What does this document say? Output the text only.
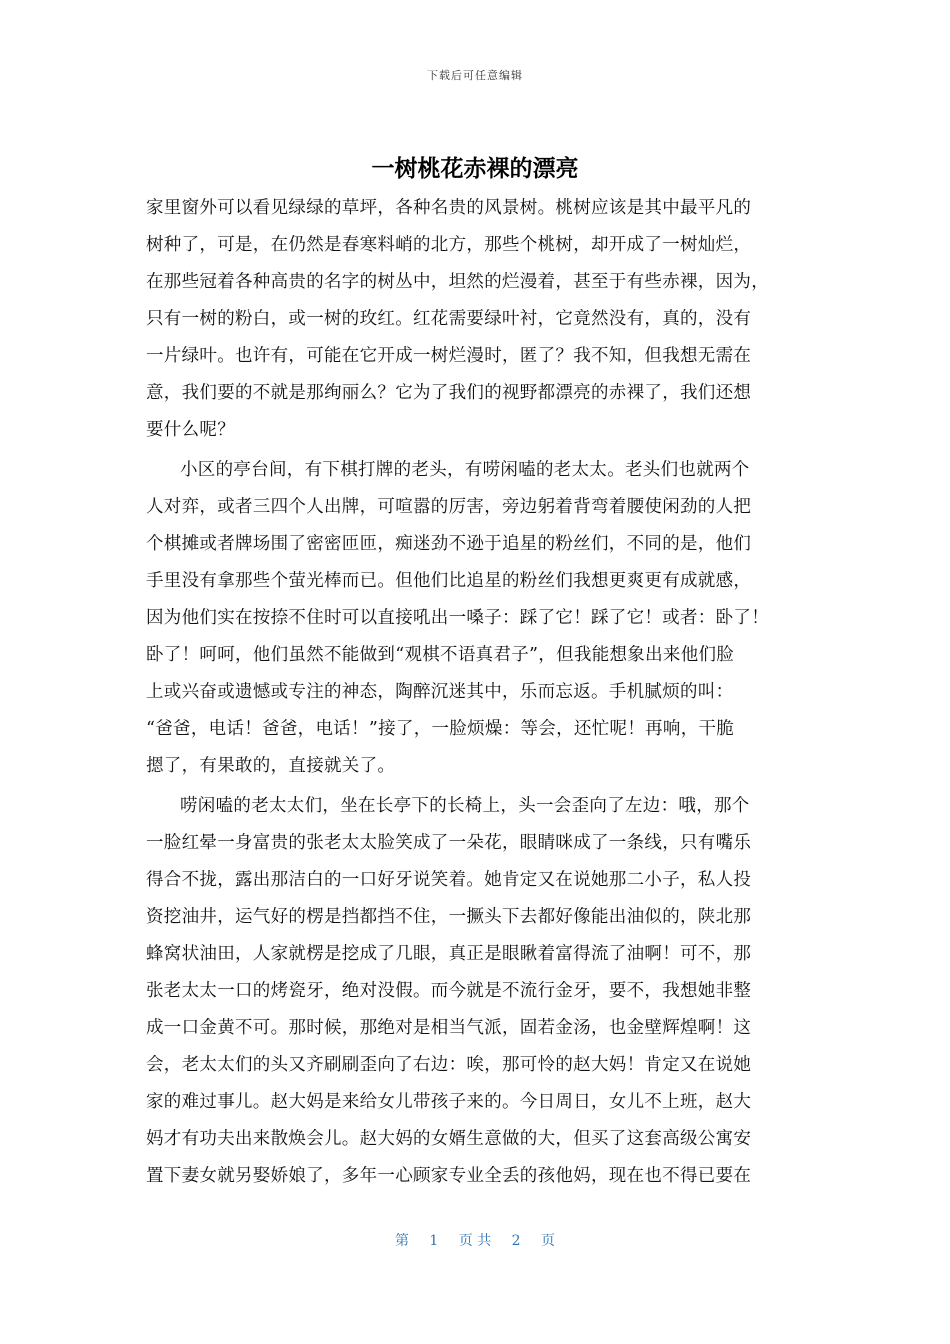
下载后可任意编辑
一树桃花赤裸的漂亮
家里窗外可以看见绿绿的草坪，各种名贵的风景树。桃树应该是其中最平凡的
树种了，可是，在仍然是春寒料峭的北方，那些个桃树，却开成了一树灿烂，
在那些冠着各种高贵的名字的树丛中，坦然的烂漫着，甚至于有些赤裸，因为，
只有一树的粉白，或一树的玫红。红花需要绿叶衬，它竟然没有，真的，没有
一片绿叶。也许有，可能在它开成一树烂漫时，匿了？我不知，但我想无需在
意，我们要的不就是那绚丽么？它为了我们的视野都漂亮的赤裸了，我们还想
要什么呢？
小区的亭台间，有下棋打牌的老头，有唠闲嗑的老太太。老头们也就两个
人对弈，或者三四个人出牌，可喧嚣的厉害，旁边躬着背弯着腰使闲劲的人把
个棋摊或者牌场围了密密匝匝，痴迷劲不逊于追星的粉丝们，不同的是，他们
手里没有拿那些个萤光棒而已。但他们比追星的粉丝们我想更爽更有成就感，
因为他们实在按捺不住时可以直接吼出一嗓子：踩了它！踩了它！或者：卧了！
卧了！呵呵，他们虽然不能做到“观棋不语真君子”，但我能想象出来他们脸
上或兴奋或遗憾或专注的神态，陶醉沉迷其中，乐而忘返。手机腻烦的叫：
“爸爸，电话！爸爸，电话！”接了，一脸烦燥：等会，还忙呢！再响，干脆
摁了，有果敢的，直接就关了。
唠闲嗑的老太太们，坐在长亭下的长椅上，头一会歪向了左边：哦，那个
一脸红晕一身富贵的张老太太脸笑成了一朵花，眼睛咪成了一条线，只有嘴乐
得合不拢，露出那洁白的一口好牙说笑着。她肯定又在说她那二小子，私人投
资挖油井，运气好的楞是挡都挡不住，一撅头下去都好像能出油似的，陕北那
蜂窝状油田，人家就楞是挖成了几眼，真正是眼瞅着富得流了油啊！可不，那
张老太太一口的烤瓷牙，绝对没假。而今就是不流行金牙，要不，我想她非整
成一口金黄不可。那时候，那绝对是相当气派，固若金汤，也金壁辉煌啊！这
会，老太太们的头又齐刷刷歪向了右边：唉，那可怜的赵大妈！肯定又在说她
家的难过事儿。赵大妈是来给女儿带孩子来的。今日周日，女儿不上班，赵大
妈才有功夫出来散焕会儿。赵大妈的女婿生意做的大，但买了这套高级公寓安
置下妻女就另娶娇娘了，多年一心顾家专业全丢的孩他妈，现在也不得已要在
第 1 页 共 2 页
